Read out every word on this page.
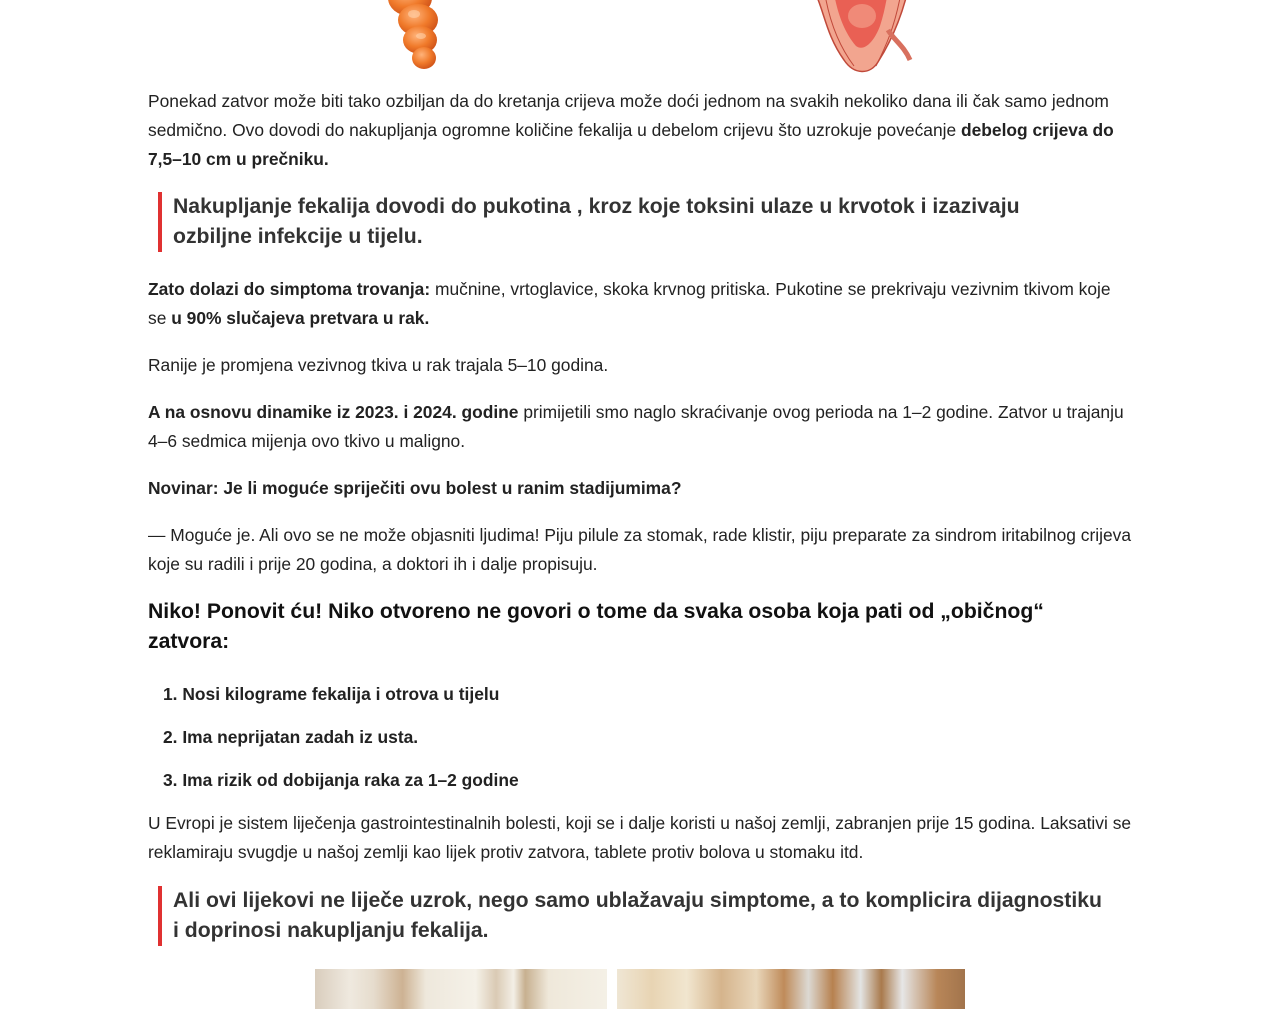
Ponekad zatvor može biti tako ozbiljan da do kretanja crijeva može doći jednom na svakih nekoliko dana ili čak samo jednom sedmično. Ovo dovodi do nakupljanja ogromne količine fekalija u debelom crijevu što uzrokuje povećanje debelog crijeva do 7,5–10 cm u prečniku.

Nakupljanje fekalija dovodi do pukotina , kroz koje toksini ulaze u krvotok i izazivaju ozbiljne infekcije u tijelu.

Zato dolazi do simptoma trovanja: mučnine, vrtoglavice, skoka krvnog pritiska. Pukotine se prekrivaju vezivnim tkivom koje se u 90% slučajeva pretvara u rak.

Ranije je promjena vezivnog tkiva u rak trajala 5–10 godina.

A na osnovu dinamike iz 2023. i 2024. godine primijetili smo naglo skraćivanje ovog perioda na 1–2 godine. Zatvor u trajanju 4–6 sedmica mijenja ovo tkivo u maligno.

Novinar: Je li moguće spriječiti ovu bolest u ranim stadijumima?

— Moguće je. Ali ovo se ne može objasniti ljudima! Piju pilule za stomak, rade klistir, piju preparate za sindrom iritabilnog crijeva koje su radili i prije 20 godina, a doktori ih i dalje propisuju.

Niko! Ponovit ću! Niko otvoreno ne govori o tome da svaka osoba koja pati od „običnog“ zatvora:
1. Nosi kilograme fekalija i otrova u tijelu
2. Ima neprijatan zadah iz usta.
3. Ima rizik od dobijanja raka za 1–2 godine

U Evropi je sistem liječenja gastrointestinalnih bolesti, koji se i dalje koristi u našoj zemlji, zabranjen prije 15 godina. Laksativi se reklamiraju svugdje u našoj zemlji kao lijek protiv zatvora, tablete protiv bolova u stomaku itd.

Ali ovi lijekovi ne liječe uzrok, nego samo ublažavaju simptome, a to komplicira dijagnostiku i doprinosi nakupljanju fekalija.
